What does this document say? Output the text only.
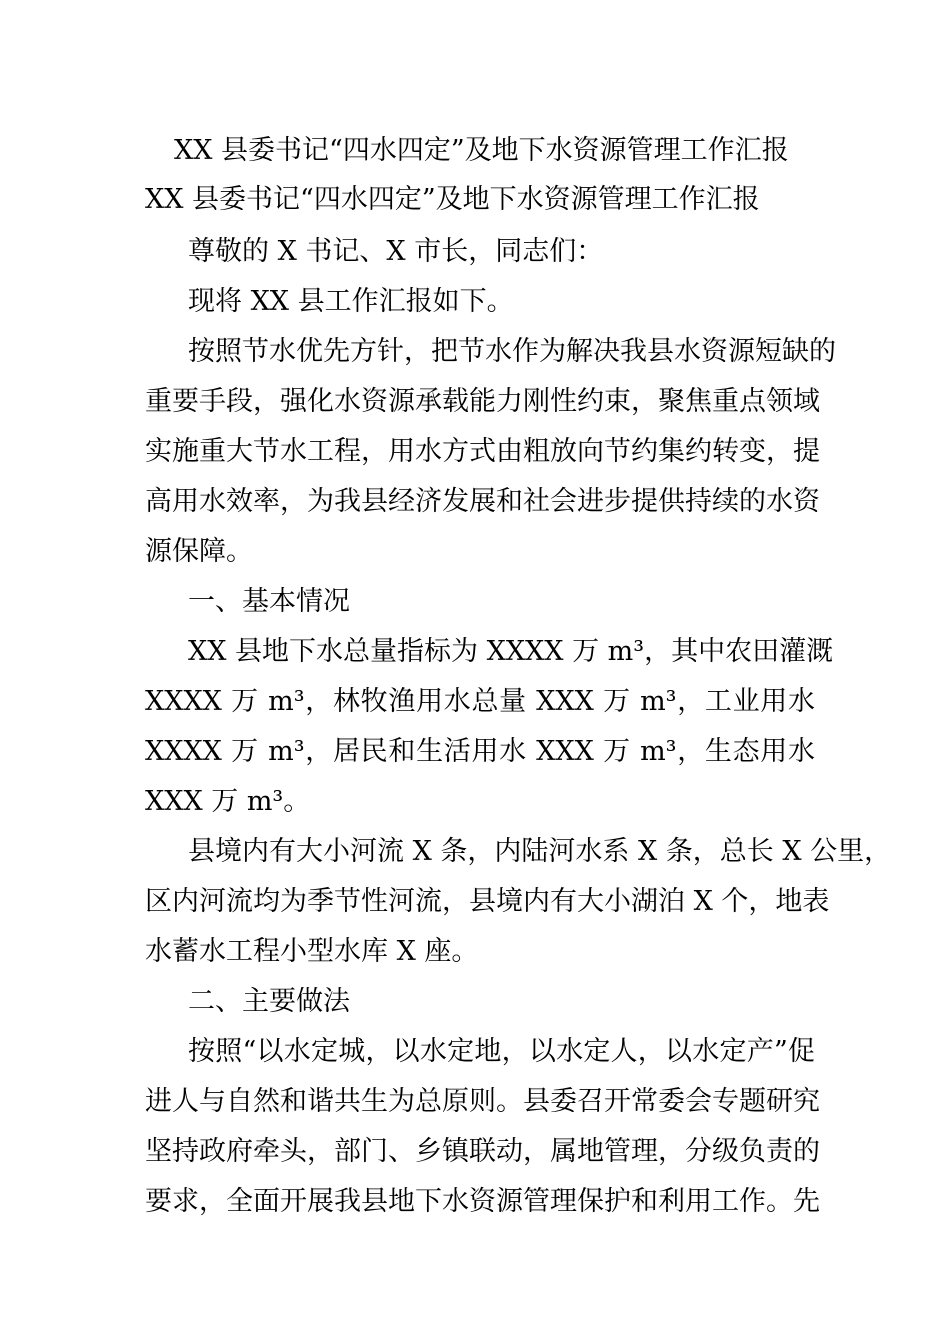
XX 县委书记“四水四定”及地下水资源管理工作汇报
XX 县委书记“四水四定”及地下水资源管理工作汇报
尊敬的 X 书记、X 市长，同志们：
现将 XX 县工作汇报如下。
按照节水优先方针，把节水作为解决我县水资源短缺的
重要手段，强化水资源承载能力刚性约束，聚焦重点领域
实施重大节水工程，用水方式由粗放向节约集约转变，提
高用水效率，为我县经济发展和社会进步提供持续的水资
源保障。
一、基本情况
XX 县地下水总量指标为 XXXX 万 m³，其中农田灌溉
XXXX 万 m³，林牧渔用水总量 XXX 万 m³，工业用水
XXXX 万 m³，居民和生活用水 XXX 万 m³，生态用水
XXX 万 m³。
县境内有大小河流 X 条，内陆河水系 X 条，总长 X 公里，
区内河流均为季节性河流，县境内有大小湖泊 X 个，地表
水蓄水工程小型水库 X 座。
二、主要做法
按照“以水定城，以水定地，以水定人，以水定产”促
进人与自然和谐共生为总原则。县委召开常委会专题研究
坚持政府牵头，部门、乡镇联动，属地管理，分级负责的
要求，全面开展我县地下水资源管理保护和利用工作。先
